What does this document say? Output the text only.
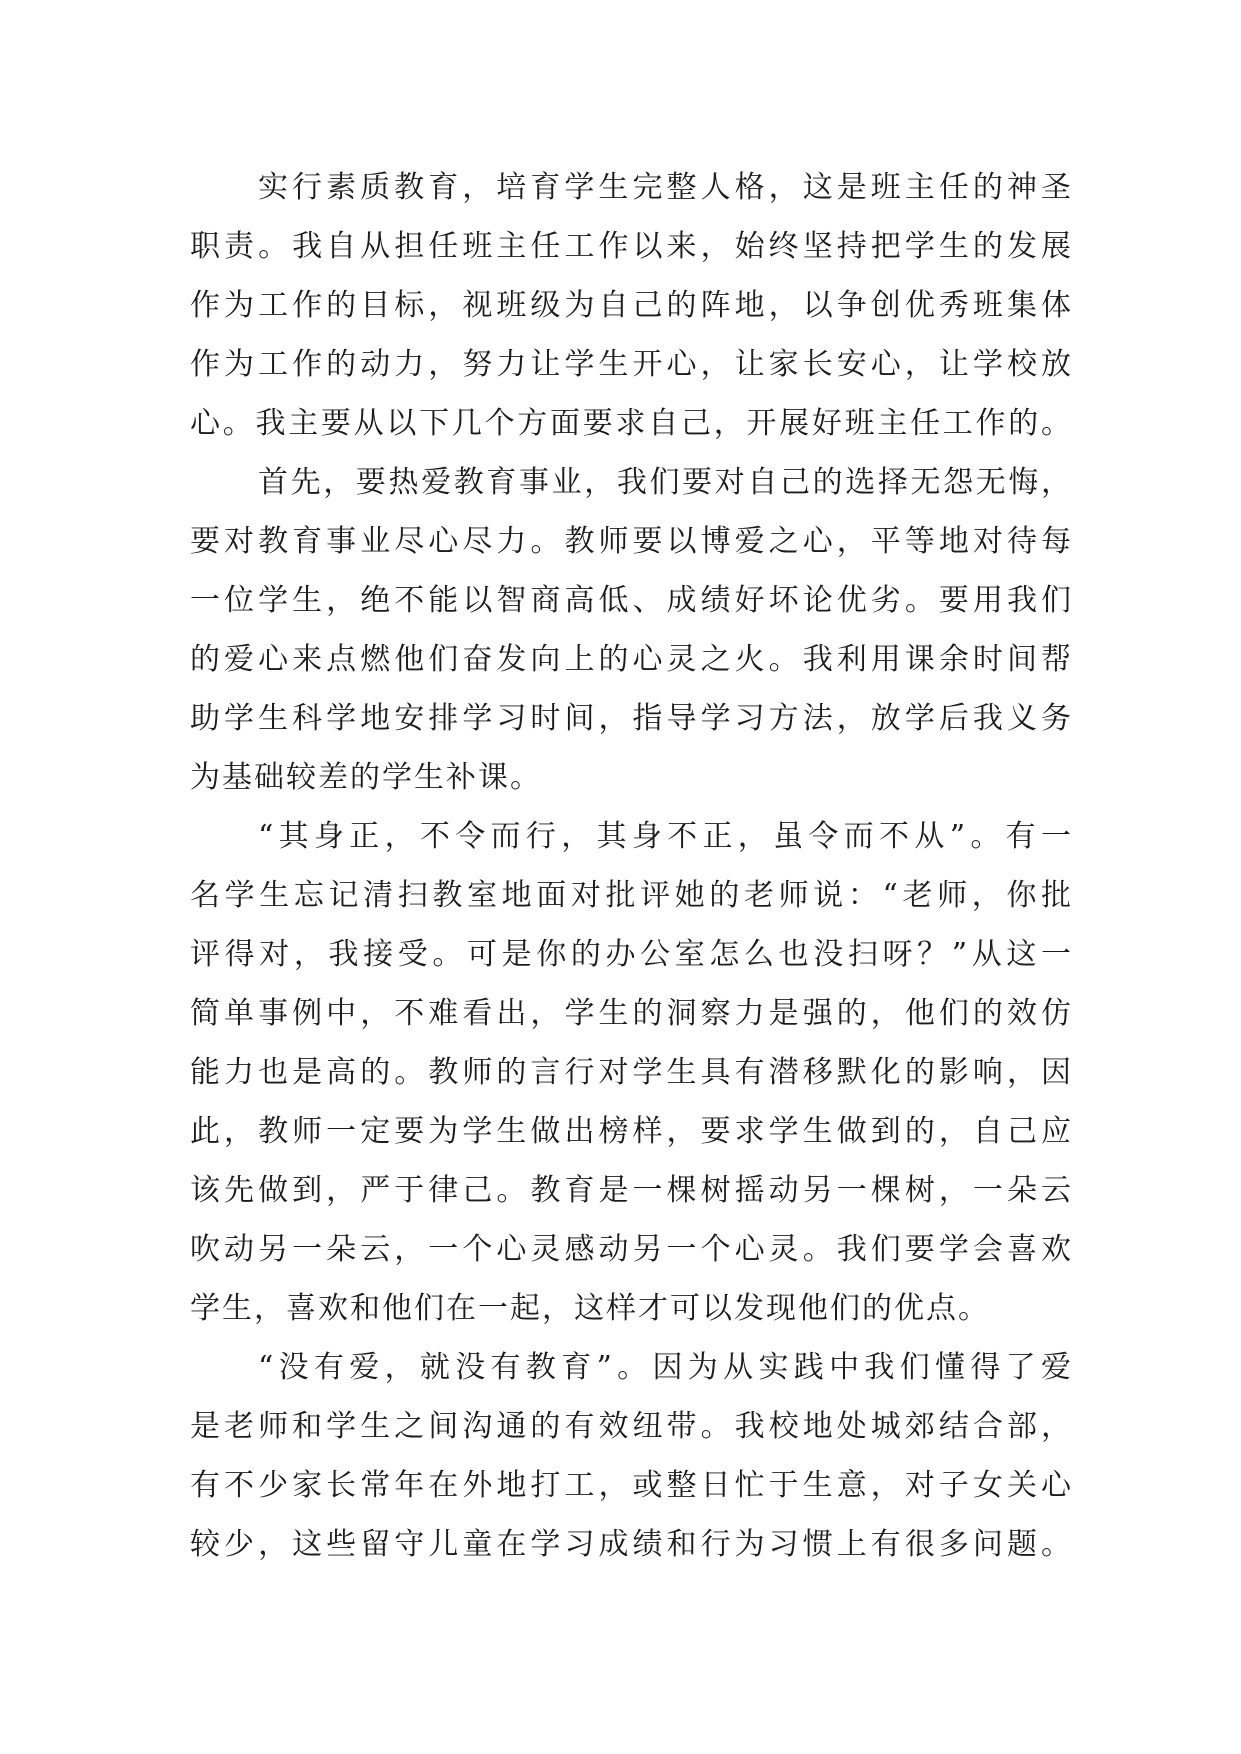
实行素质教育，培育学生完整人格，这是班主任的神圣
职责。我自从担任班主任工作以来，始终坚持把学生的发展
作为工作的目标，视班级为自己的阵地，以争创优秀班集体
作为工作的动力，努力让学生开心，让家长安心，让学校放
心。我主要从以下几个方面要求自己，开展好班主任工作的。
首先，要热爱教育事业，我们要对自己的选择无怨无悔，
要对教育事业尽心尽力。教师要以博爱之心，平等地对待每
一位学生，绝不能以智商高低、成绩好坏论优劣。要用我们
的爱心来点燃他们奋发向上的心灵之火。我利用课余时间帮
助学生科学地安排学习时间，指导学习方法，放学后我义务
为基础较差的学生补课。
“其身正，不令而行，其身不正，虽令而不从”。有一
名学生忘记清扫教室地面对批评她的老师说：“老师，你批
评得对，我接受。可是你的办公室怎么也没扫呀？”从这一
简单事例中，不难看出，学生的洞察力是强的，他们的效仿
能力也是高的。教师的言行对学生具有潜移默化的影响，因
此，教师一定要为学生做出榜样，要求学生做到的，自己应
该先做到，严于律己。教育是一棵树摇动另一棵树，一朵云
吹动另一朵云，一个心灵感动另一个心灵。我们要学会喜欢
学生，喜欢和他们在一起，这样才可以发现他们的优点。
“没有爱，就没有教育”。因为从实践中我们懂得了爱
是老师和学生之间沟通的有效纽带。我校地处城郊结合部，
有不少家长常年在外地打工，或整日忙于生意，对子女关心
较少，这些留守儿童在学习成绩和行为习惯上有很多问题。
